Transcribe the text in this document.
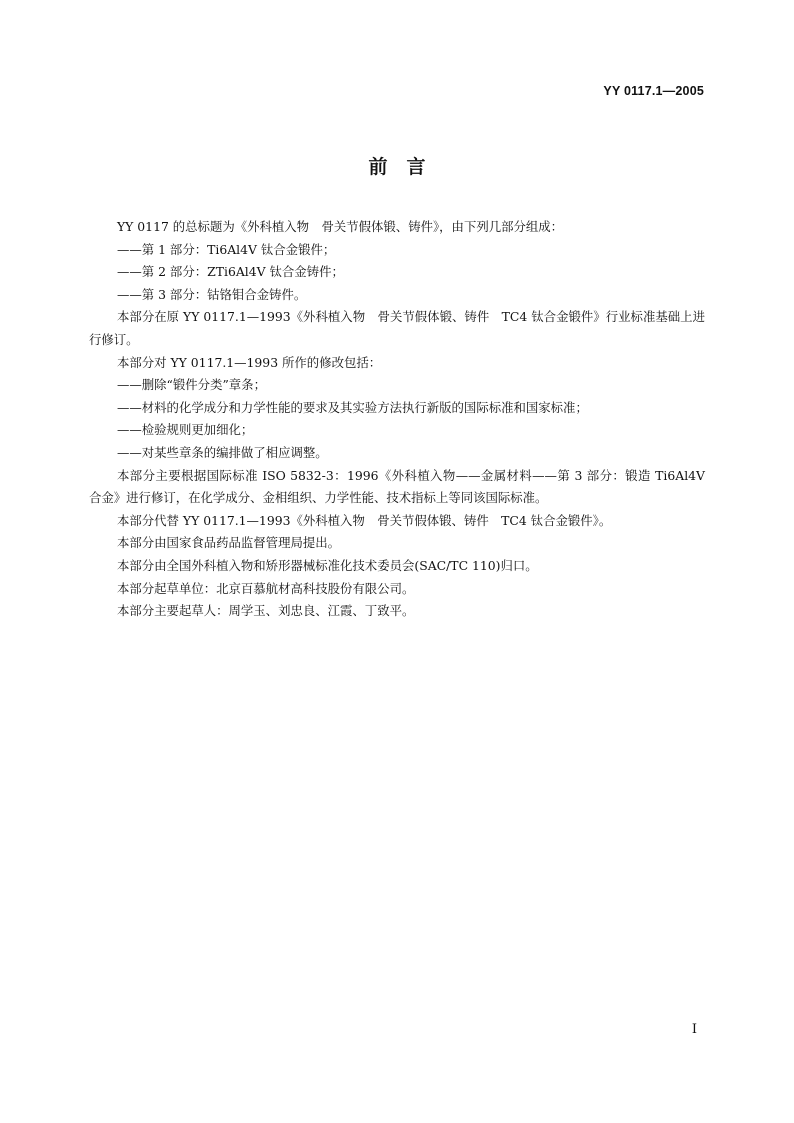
YY 0117.1—2005
前　言

YY 0117 的总标题为《外科植入物　骨关节假体锻、铸件》，由下列几部分组成：

——第 1 部分：Ti6Al4V 钛合金锻件；

——第 2 部分：ZTi6Al4V 钛合金铸件；

——第 3 部分：钴铬钼合金铸件。

本部分在原 YY 0117.1—1993《外科植入物　骨关节假体锻、铸件　TC4 钛合金锻件》行业标准基础上进行修订。

本部分对 YY 0117.1—1993 所作的修改包括：

——删除“锻件分类”章条；

——材料的化学成分和力学性能的要求及其实验方法执行新版的国际标准和国家标准；

——检验规则更加细化；

——对某些章条的编排做了相应调整。

本部分主要根据国际标准 ISO 5832-3：1996《外科植入物——金属材料——第 3 部分：锻造 Ti6Al4V 合金》进行修订，在化学成分、金相组织、力学性能、技术指标上等同该国际标准。

本部分代替 YY 0117.1—1993《外科植入物　骨关节假体锻、铸件　TC4 钛合金锻件》。

本部分由国家食品药品监督管理局提出。

本部分由全国外科植入物和矫形器械标准化技术委员会(SAC/TC 110)归口。

本部分起草单位：北京百慕航材高科技股份有限公司。

本部分主要起草人：周学玉、刘忠良、江霞、丁致平。

I
